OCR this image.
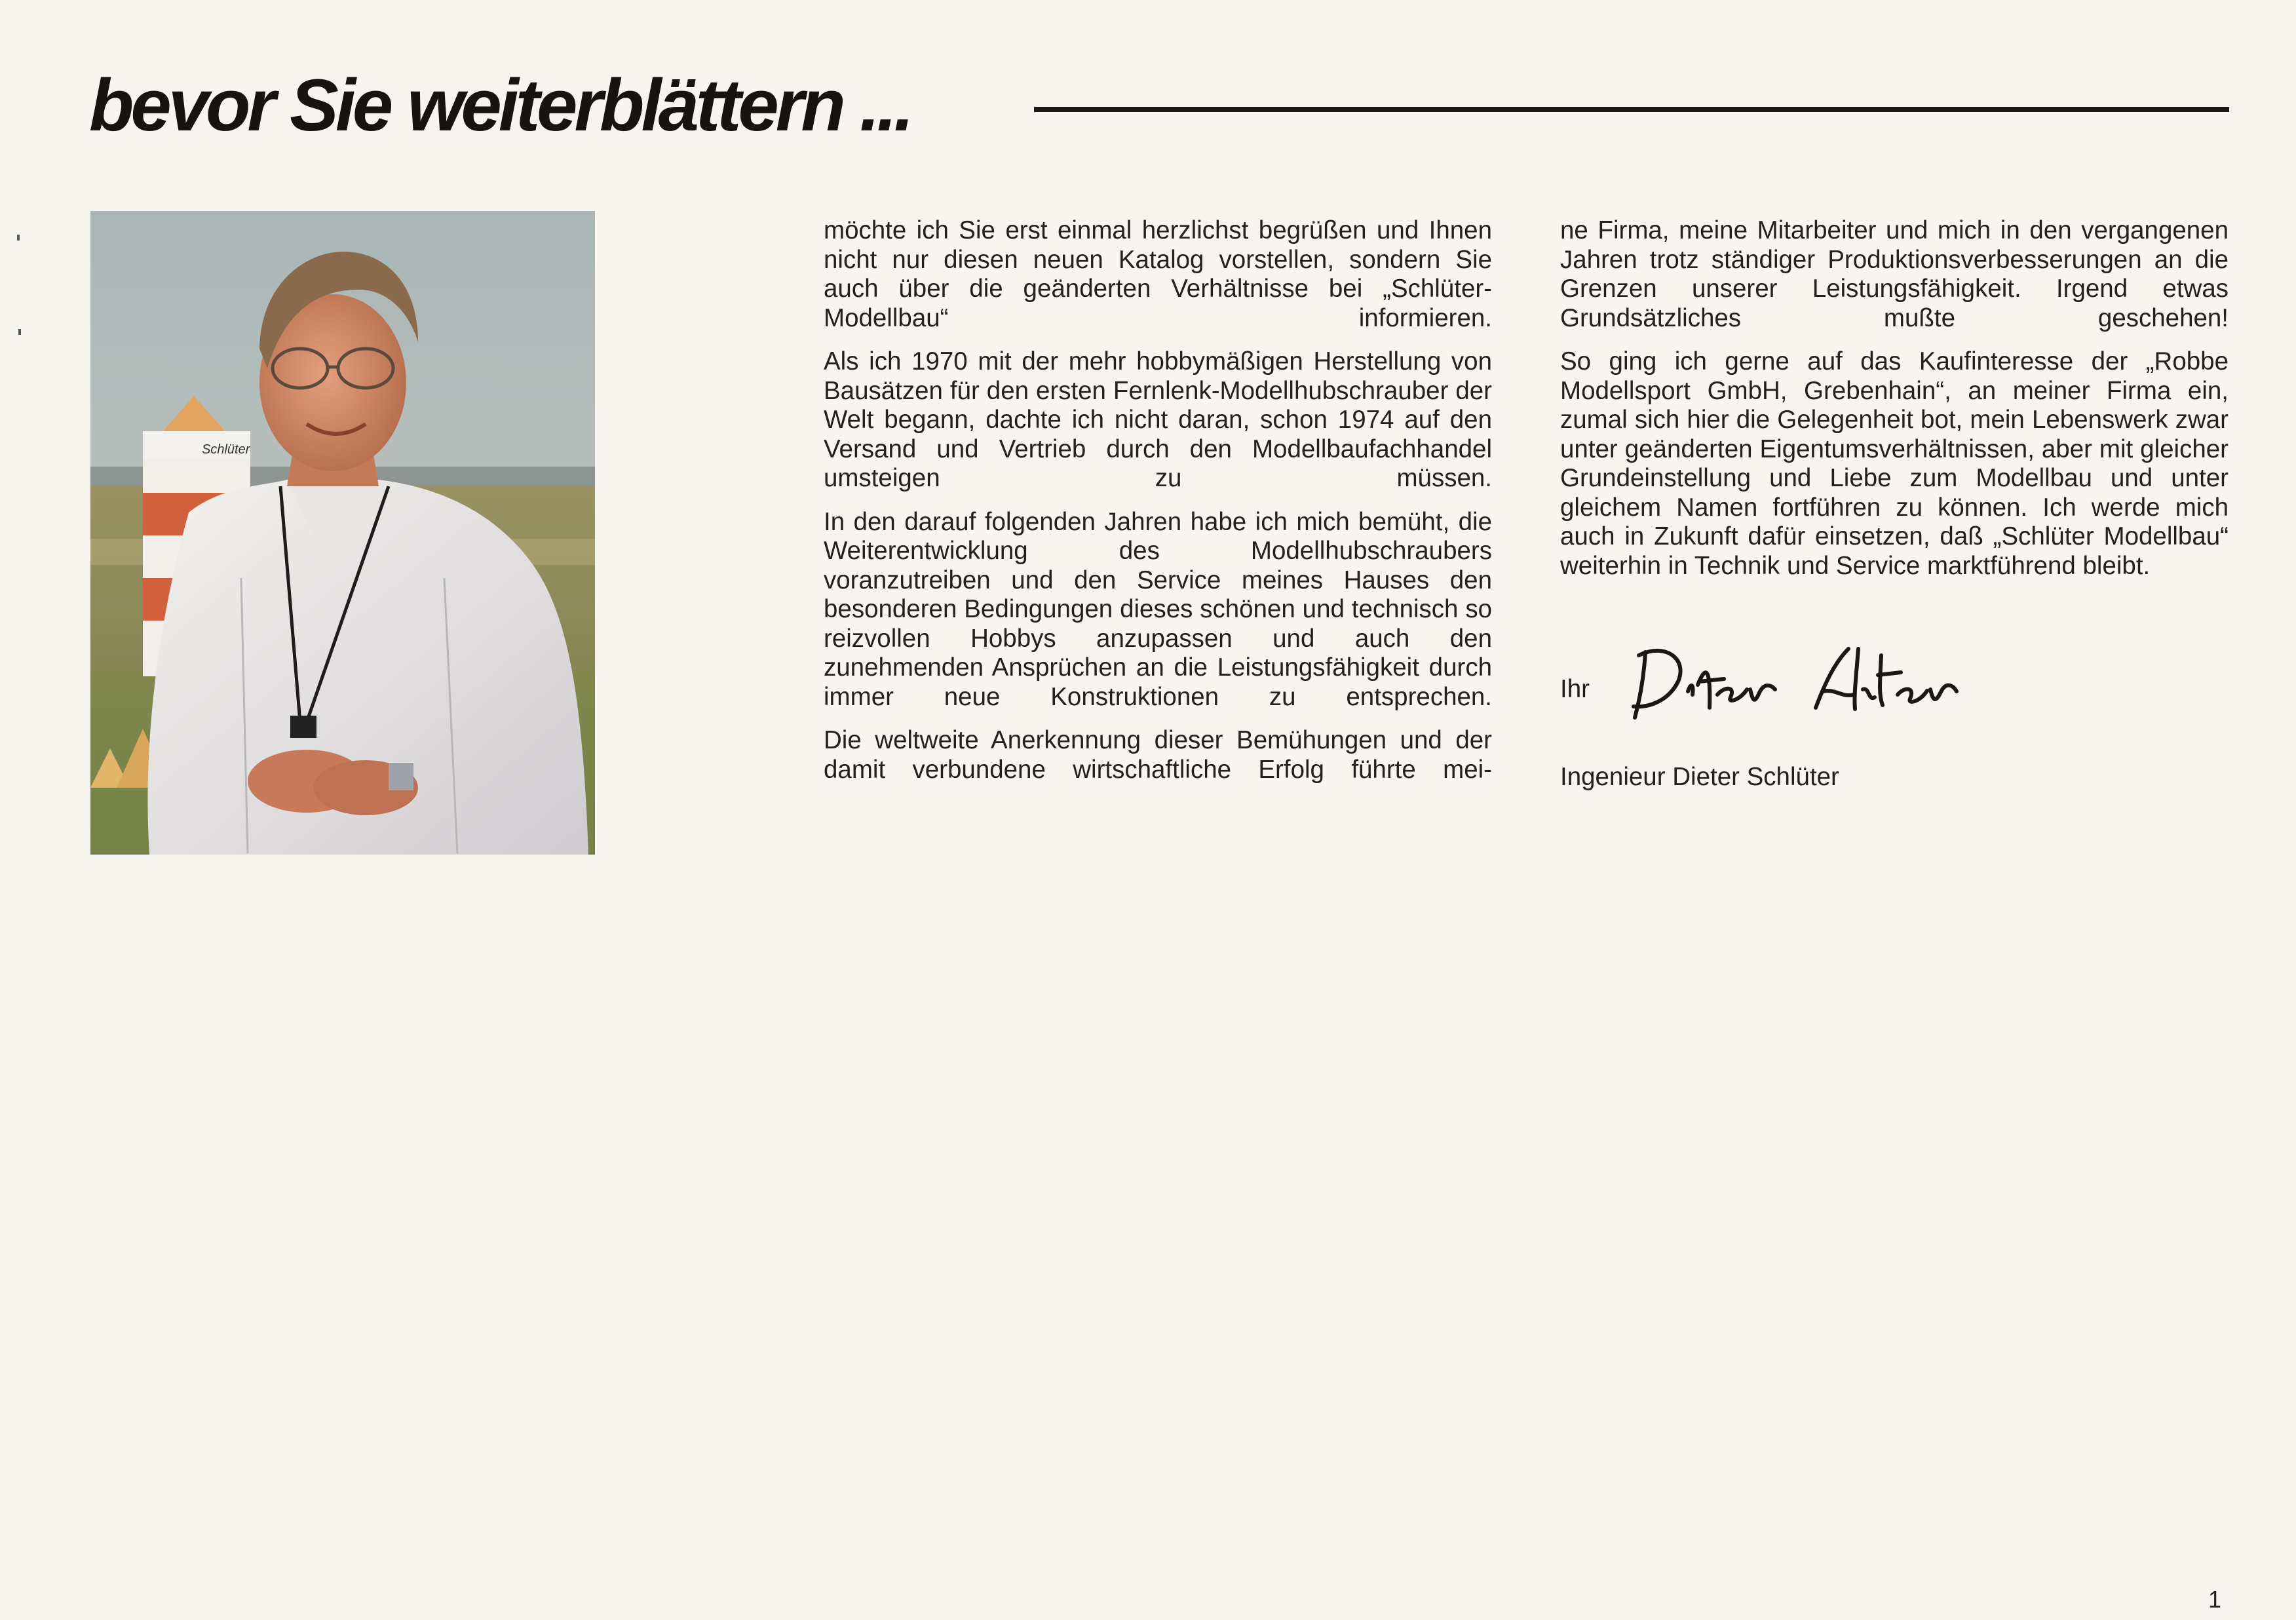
bevor Sie weiterblättern ...
Schlüter

möchte ich Sie erst einmal herzlichst begrüßen und Ihnen nicht nur diesen neuen Katalog vorstellen, sondern Sie auch über die geänderten Verhältnisse bei „Schlüter-Modellbau“ informieren.

Als ich 1970 mit der mehr hobbymäßigen Herstellung von Bausätzen für den ersten Fernlenk-Modellhubschrauber der Welt begann, dachte ich nicht daran, schon 1974 auf den Versand und Vertrieb durch den Modellbaufachhandel umsteigen zu müssen.

In den darauf folgenden Jahren habe ich mich bemüht, die Weiterentwicklung des Modellhubschraubers voranzutreiben und den Service meines Hauses den besonderen Bedingungen dieses schönen und technisch so reizvollen Hobbys anzupassen und auch den zunehmenden Ansprüchen an die Leistungsfähigkeit durch immer neue Konstruktionen zu entsprechen.

Die weltweite Anerkennung dieser Bemühungen und der damit verbundene wirtschaftliche Erfolg führte mei-

ne Firma, meine Mitarbeiter und mich in den vergangenen Jahren trotz ständiger Produktionsverbesserungen an die Grenzen unserer Leistungsfähigkeit. Irgend etwas Grundsätzliches mußte geschehen!

So ging ich gerne auf das Kaufinteresse der „Robbe Modellsport GmbH, Grebenhain“, an meiner Firma ein, zumal sich hier die Gelegenheit bot, mein Lebenswerk zwar unter geänderten Eigentumsverhältnissen, aber mit gleicher Grundeinstellung und Liebe zum Modellbau und unter gleichem Namen fortführen zu können. Ich werde mich auch in Zukunft dafür einsetzen, daß „Schlüter Modellbau“ weiterhin in Technik und Service marktführend bleibt.

Ihr
Ingenieur Dieter Schlüter
1
